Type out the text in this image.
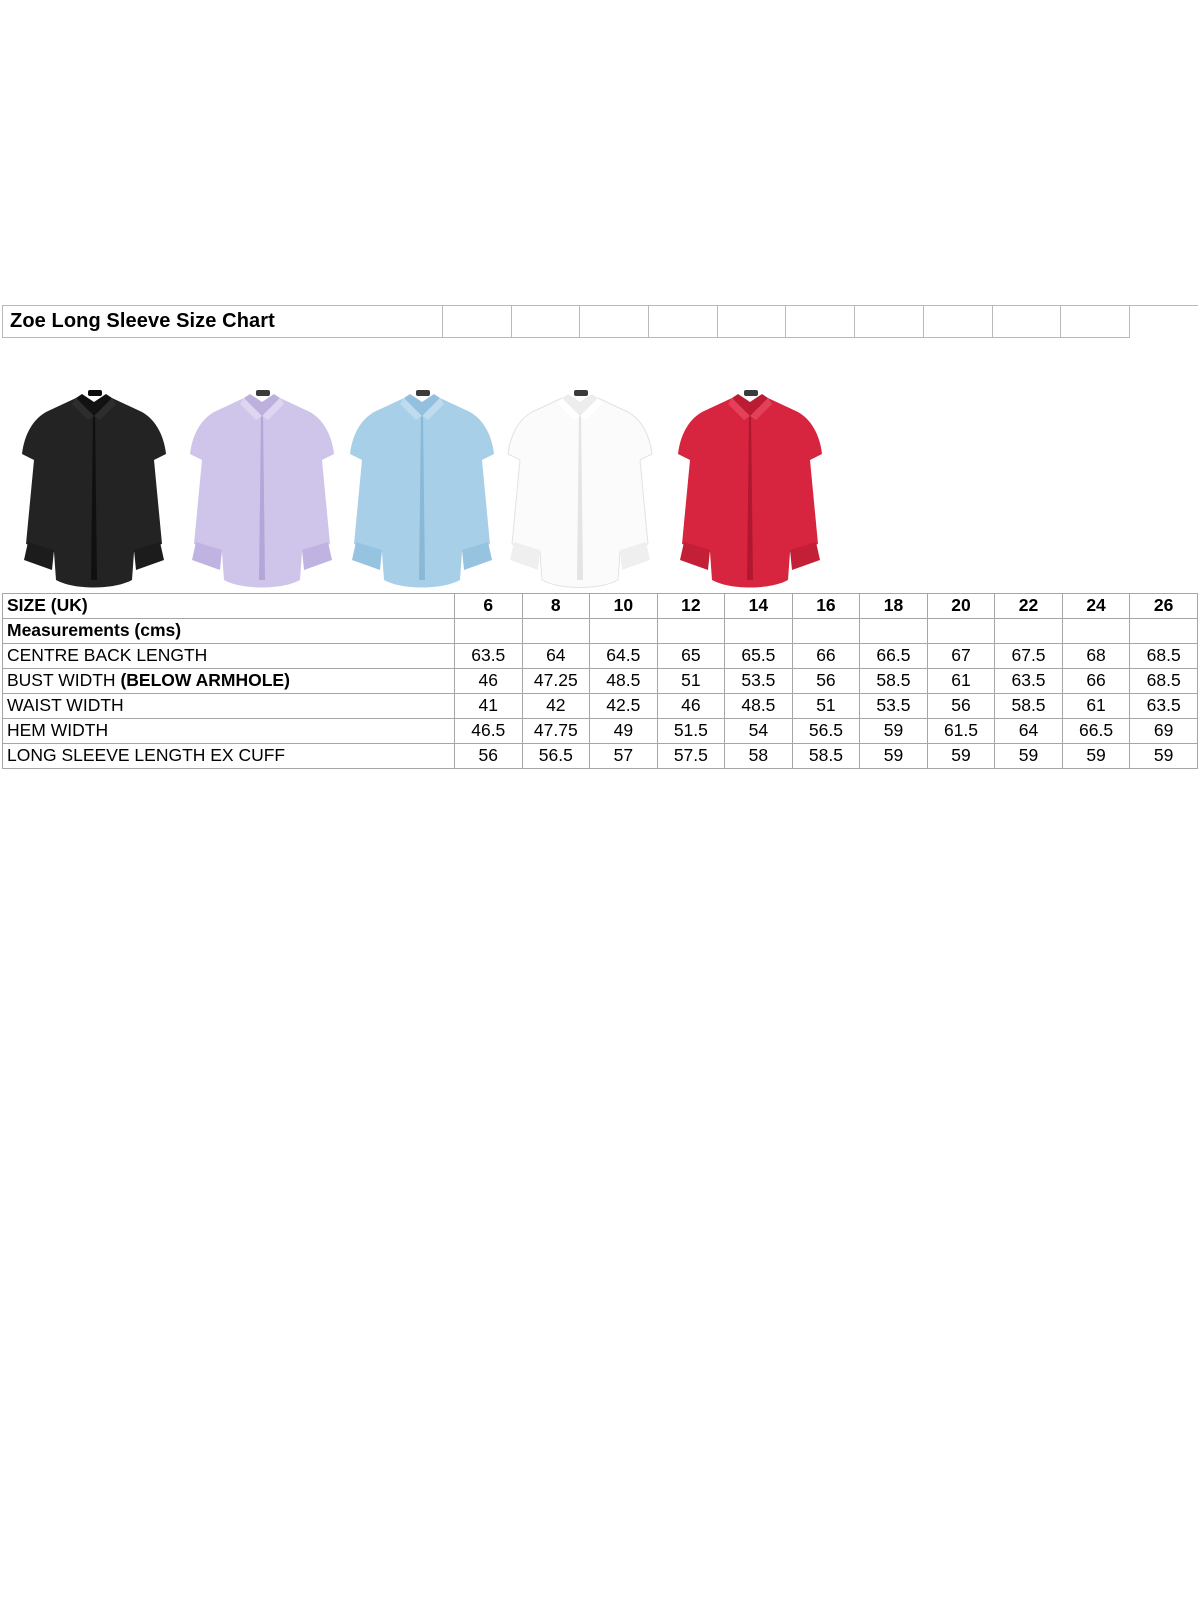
Zoe Long Sleeve Size Chart
SIZE (UK)	6	8	10	12	14	16	18	20	22	24	26
Measurements (cms)											
CENTRE BACK LENGTH	63.5	64	64.5	65	65.5	66	66.5	67	67.5	68	68.5
BUST WIDTH (BELOW ARMHOLE)	46	47.25	48.5	51	53.5	56	58.5	61	63.5	66	68.5
WAIST WIDTH	41	42	42.5	46	48.5	51	53.5	56	58.5	61	63.5
HEM WIDTH	46.5	47.75	49	51.5	54	56.5	59	61.5	64	66.5	69
LONG SLEEVE LENGTH EX CUFF	56	56.5	57	57.5	58	58.5	59	59	59	59	59
